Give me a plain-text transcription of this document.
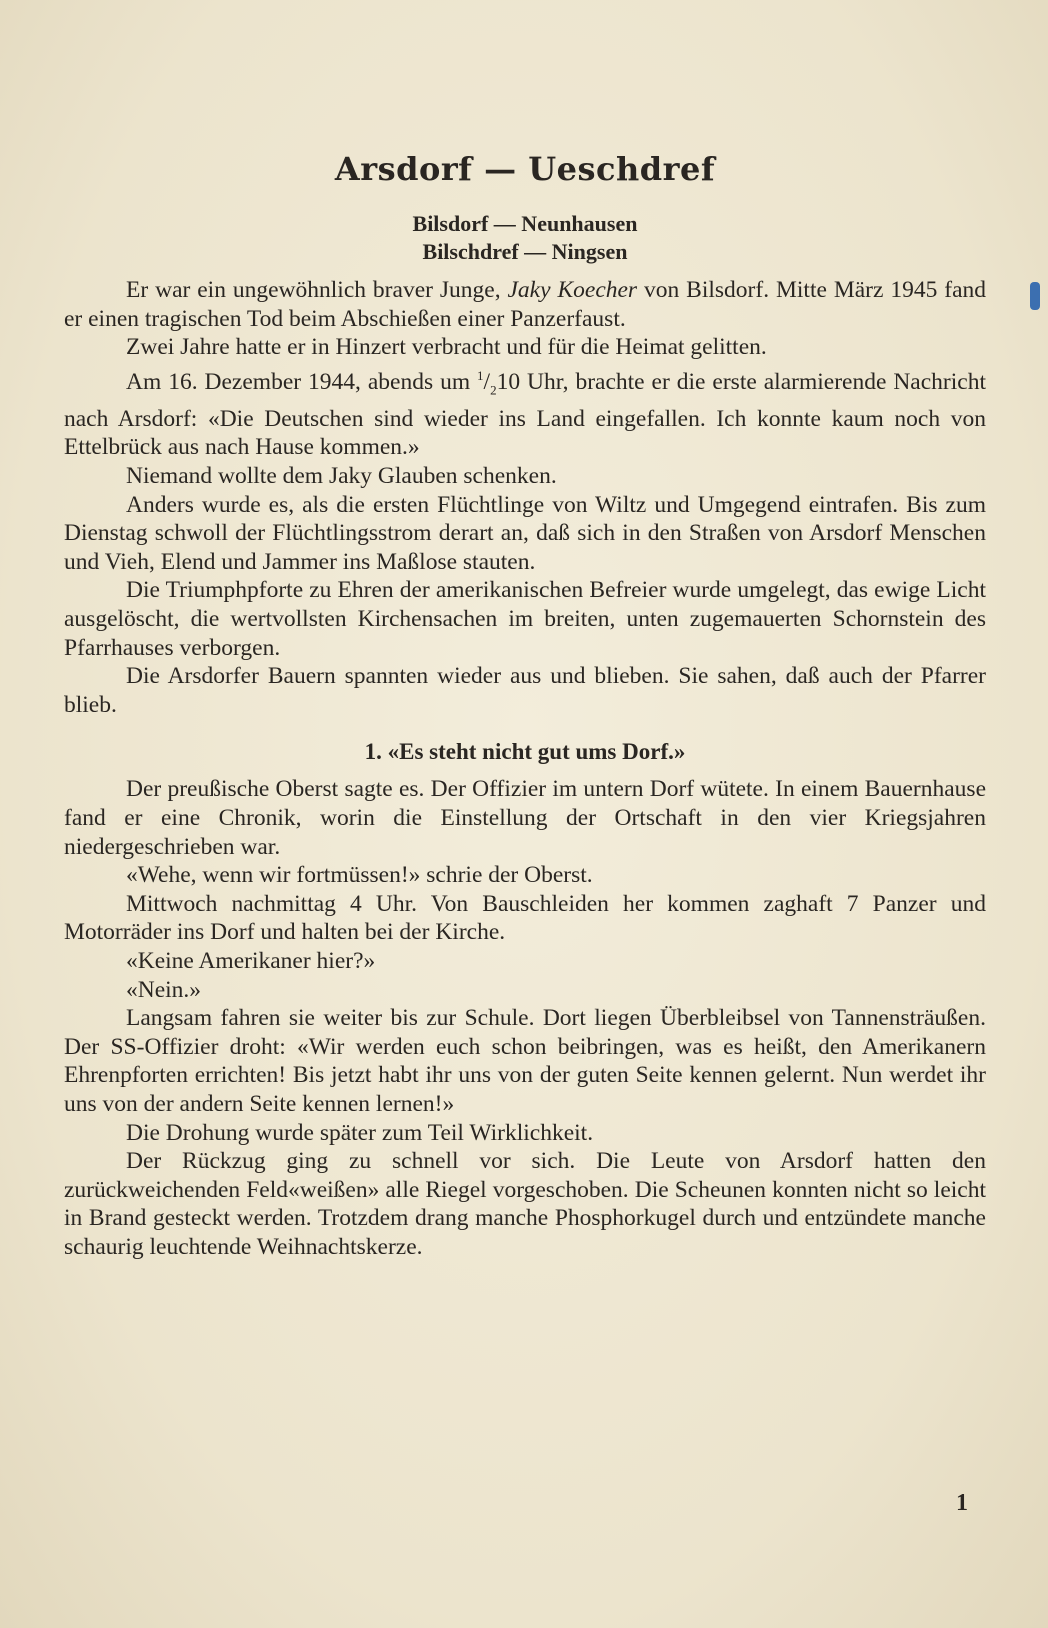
Arsdorf — Ueschdref
Bilsdorf — Neunhausen
Bilschdref — Ningsen

Er war ein ungewöhnlich braver Junge, Jaky Koecher von Bilsdorf. Mitte März 1945 fand er einen tragischen Tod beim Abschießen einer Panzerfaust.

Zwei Jahre hatte er in Hinzert verbracht und für die Heimat gelitten.

Am 16. Dezember 1944, abends um $^1/_210$ Uhr, brachte er die erste alarmierende Nachricht nach Arsdorf: «Die Deutschen sind wieder ins Land eingefallen. Ich konnte kaum noch von Ettelbrück aus nach Hause kommen.»

Niemand wollte dem Jaky Glauben schenken.

Anders wurde es, als die ersten Flüchtlinge von Wiltz und Umgegend eintrafen. Bis zum Dienstag schwoll der Flüchtlingsstrom derart an, daß sich in den Straßen von Arsdorf Menschen und Vieh, Elend und Jammer ins Maßlose stauten.

Die Triumphpforte zu Ehren der amerikanischen Befreier wurde umgelegt, das ewige Licht ausgelöscht, die wertvollsten Kirchensachen im breiten, unten zugemauerten Schornstein des Pfarrhauses verborgen.

Die Arsdorfer Bauern spannten wieder aus und blieben. Sie sahen, daß auch der Pfarrer blieb.

1. «Es steht nicht gut ums Dorf.»

Der preußische Oberst sagte es. Der Offizier im untern Dorf wütete. In einem Bauernhause fand er eine Chronik, worin die Einstellung der Ortschaft in den vier Kriegsjahren niedergeschrieben war.

«Wehe, wenn wir fortmüssen!» schrie der Oberst.

Mittwoch nachmittag 4 Uhr. Von Bauschleiden her kommen zaghaft 7 Panzer und Motorräder ins Dorf und halten bei der Kirche.

«Keine Amerikaner hier?»

«Nein.»

Langsam fahren sie weiter bis zur Schule. Dort liegen Überbleibsel von Tannensträußen. Der SS-Offizier droht: «Wir werden euch schon beibringen, was es heißt, den Amerikanern Ehrenpforten errichten! Bis jetzt habt ihr uns von der guten Seite kennen gelernt. Nun werdet ihr uns von der andern Seite kennen lernen!»

Die Drohung wurde später zum Teil Wirklichkeit.

Der Rückzug ging zu schnell vor sich. Die Leute von Arsdorf hatten den zurückweichenden Feld«weißen» alle Riegel vorgeschoben. Die Scheunen konnten nicht so leicht in Brand gesteckt werden. Trotzdem drang manche Phosphorkugel durch und entzündete manche schaurig leuchtende Weihnachtskerze.

1
